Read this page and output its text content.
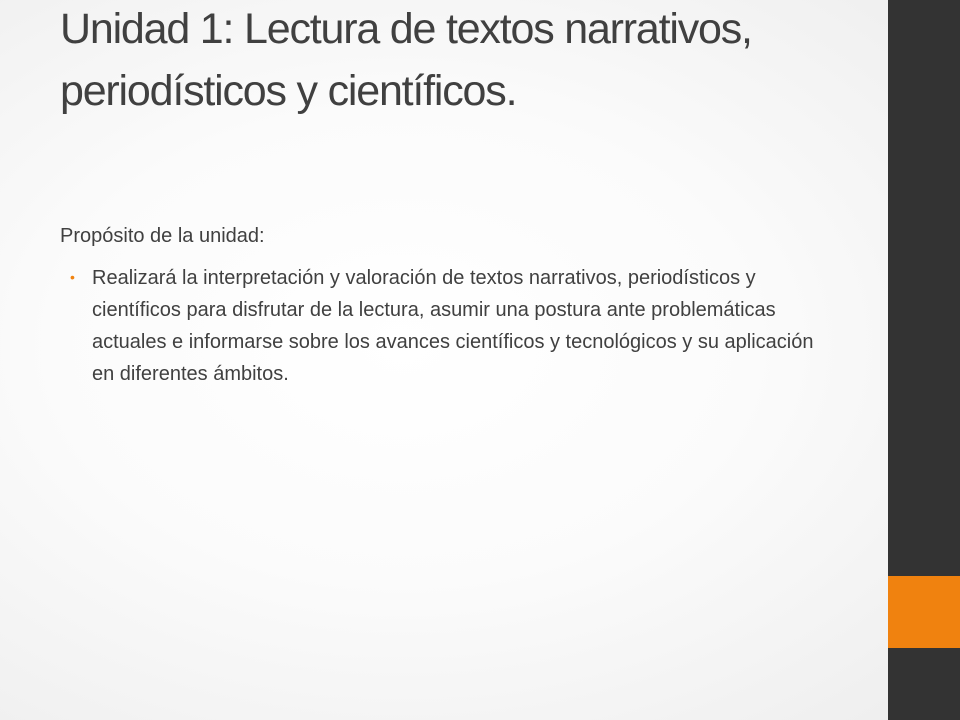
Unidad 1: Lectura de textos narrativos, periodísticos y científicos.

Propósito de la unidad:

• Realizará la interpretación y valoración de textos narrativos, periodísticos y científicos para disfrutar de la lectura, asumir una postura ante problemáticas actuales e informarse sobre los avances científicos y tecnológicos y su aplicación en diferentes ámbitos.
